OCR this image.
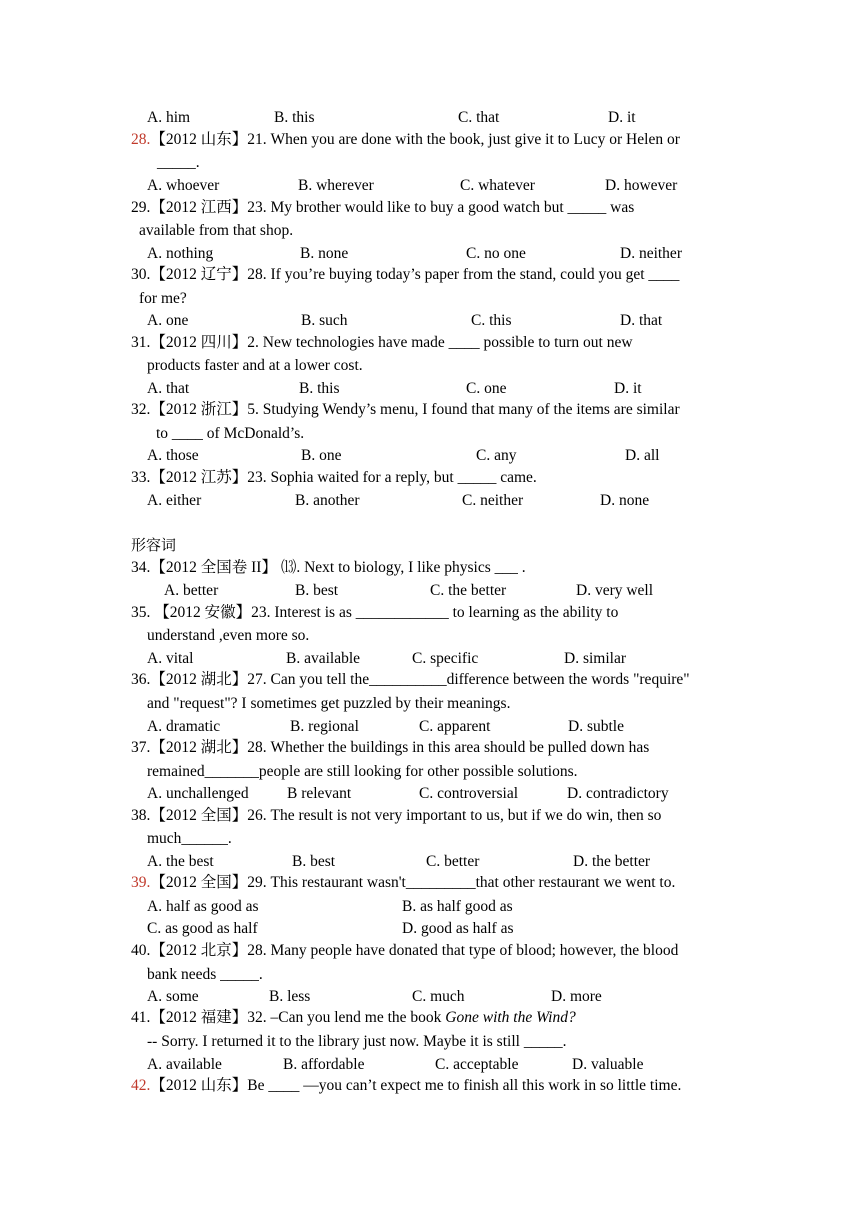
A. him	B. this	C. that	D. it
28.【2012 山东】21. When you are done with the book, just give it to Lucy or Helen or
_____.
A. whoever	B. wherever	C. whatever	D. however
29.【2012 江西】23. My brother would like to buy a good watch but _____ was
available from that shop.
A. nothing	B. none	C. no one	D. neither
30.【2012 辽宁】28. If you’re buying today’s paper from the stand, could you get ____
for me?
A. one	B. such	C. this	D. that
31.【2012 四川】2. New technologies have made ____ possible to turn out new
products faster and at a lower cost.
A. that	B. this	C. one	D. it
32.【2012 浙江】5. Studying Wendy’s menu, I found that many of the items are similar
to ____ of McDonald’s.
A. those	B. one	C. any	D. all
33.【2012 江苏】23. Sophia waited for a reply, but _____ came.
A. either	B. another	C. neither	D. none
34.【2012 全国卷 II】 ⒀. Next to biology, I like physics ___ .
A. better	B. best	C. the better	D. very well
35. 【2012 安徽】23. Interest is as ____________ to learning as the ability to
understand ,even more so.
A. vital	B. available	C. specific	D. similar
36.【2012 湖北】27. Can you tell the__________difference between the words "require"
and "request"? I sometimes get puzzled by their meanings.
A. dramatic	B. regional	C. apparent	D. subtle
37.【2012 湖北】28. Whether the buildings in this area should be pulled down has
remained_______people are still looking for other possible solutions.
A. unchallenged B relevant	C. controversial	D. contradictory
38.【2012 全国】26. The result is not very important to us, but if we do win, then so
much______.
A. the best	B. best	C. better	D. the better
39.【2012 全国】29. This restaurant wasn't_________that other restaurant we went to.
A. half as good as	B. as half good as
C. as good as half	D. good as half as
40.【2012 北京】28. Many people have donated that type of blood; however, the blood
bank needs _____.
A. some	B. less	C. much	D. more
41.【2012 福建】32. –Can you lend me the book Gone with the Wind?
-- Sorry. I returned it to the library just now. Maybe it is still _____.
A. available	B. affordable	C. acceptable	D. valuable
42.【2012 山东】Be ____ —you can’t expect me to finish all this work in so little time.
形容词
